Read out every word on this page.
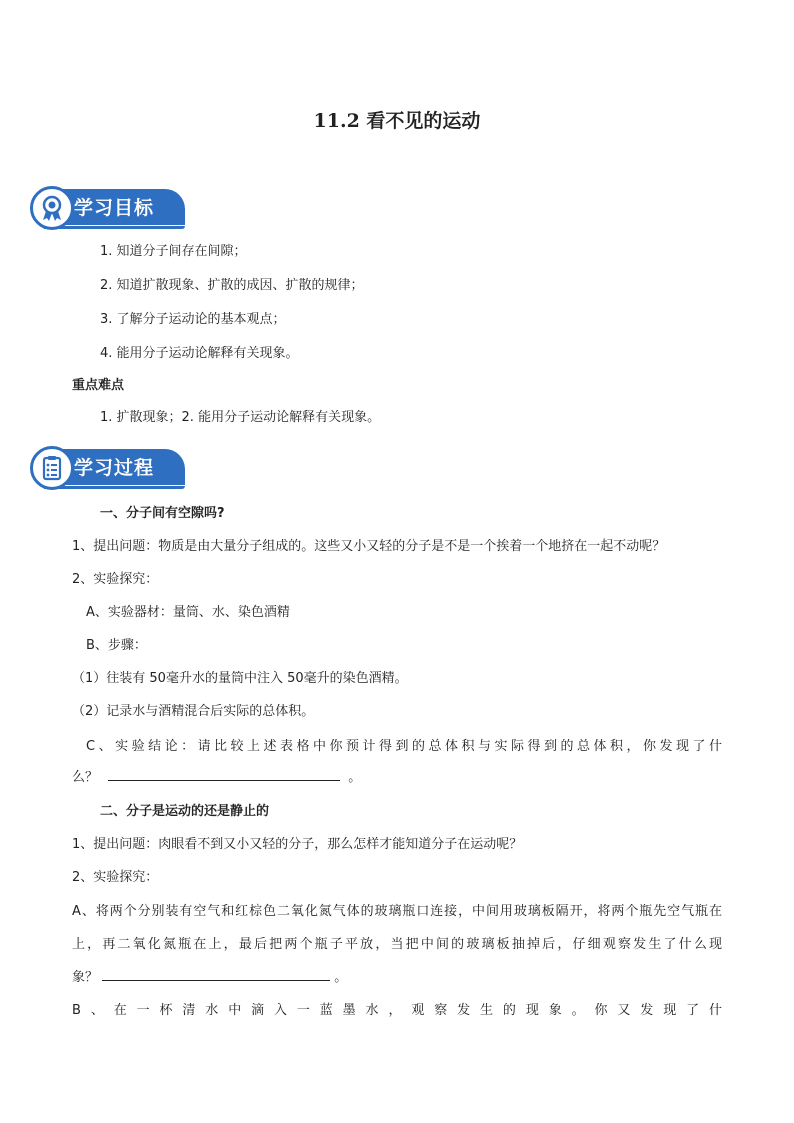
11.2 看不见的运动
学习目标
1. 知道分子间存在间隙；
2. 知道扩散现象、扩散的成因、扩散的规律；
3. 了解分子运动论的基本观点；
4. 能用分子运动论解释有关现象。
重点难点
1. 扩散现象；2. 能用分子运动论解释有关现象。
学习过程
一、分子间有空隙吗?
1、提出问题：物质是由大量分子组成的。这些又小又轻的分子是不是一个挨着一个地挤在一起不动呢？
2、实验探究：
A、实验器材：量筒、水、染色酒精
B、步骤：
（1）往装有 50毫升水的量筒中注入 50毫升的染色酒精。
（2）记录水与酒精混合后实际的总体积。
C、实验结论：请比较上述表格中你预计得到的总体积与实际得到的总体积，你发现了什
么？	。
二、分子是运动的还是静止的
1、提出问题：肉眼看不到又小又轻的分子，那么怎样才能知道分子在运动呢？
2、实验探究：
A、将两个分别装有空气和红棕色二氧化氮气体的玻璃瓶口连接，中间用玻璃板隔开，将两个瓶先空气瓶在
上，再二氧化氮瓶在上，最后把两个瓶子平放，当把中间的玻璃板抽掉后，仔细观察发生了什么现
象？	。
B、在一杯清水中滴入一蓝墨水，观察发生的现象。你又发现了什
